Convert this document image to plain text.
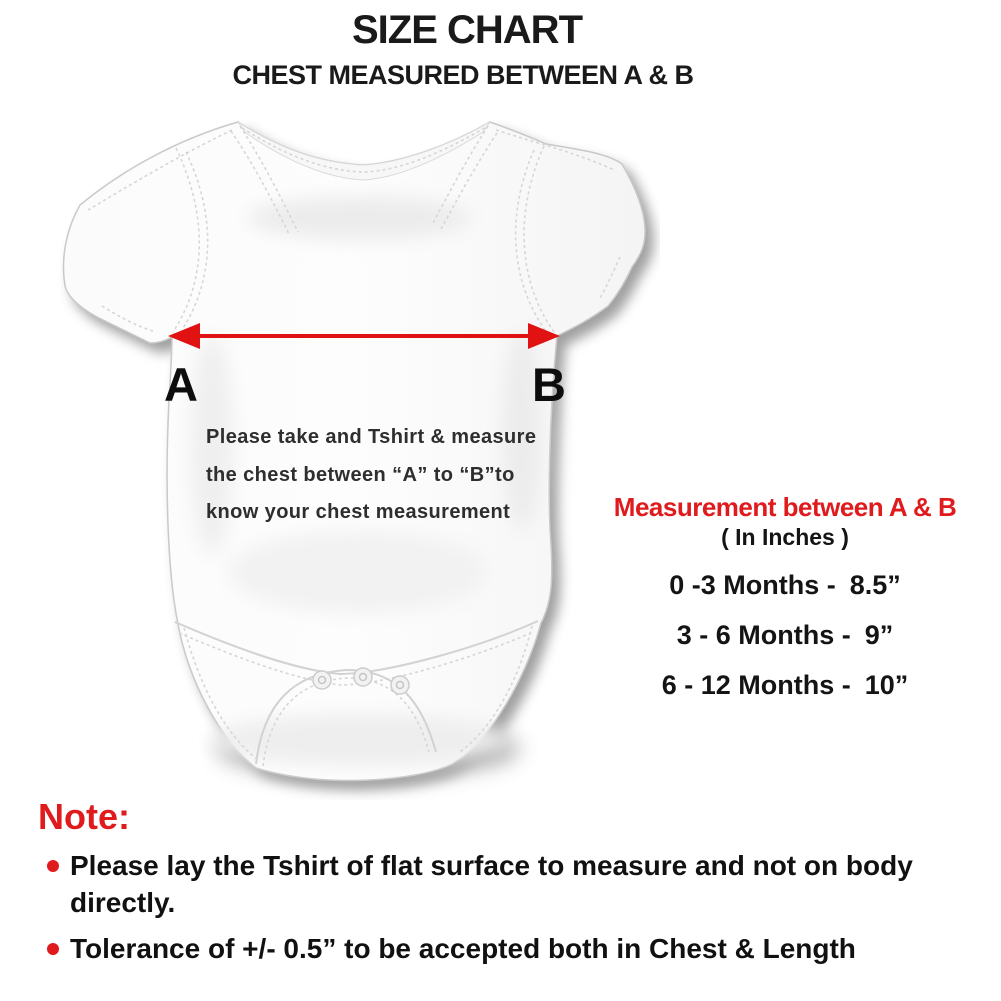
SIZE CHART
CHEST MEASURED BETWEEN A & B
A	B
Please take and Tshirt & measure
the chest between “A” to “B”to
know your chest measurement	Measurement between A & B
( In Inches )
0 -3 Months - 8.5”
3 - 6 Months - 9”
6 - 12 Months - 10”
Note:
Please lay the Tshirt of flat surface to measure and not on body directly.
Tolerance of +/- 0.5” to be accepted both in Chest & Length
